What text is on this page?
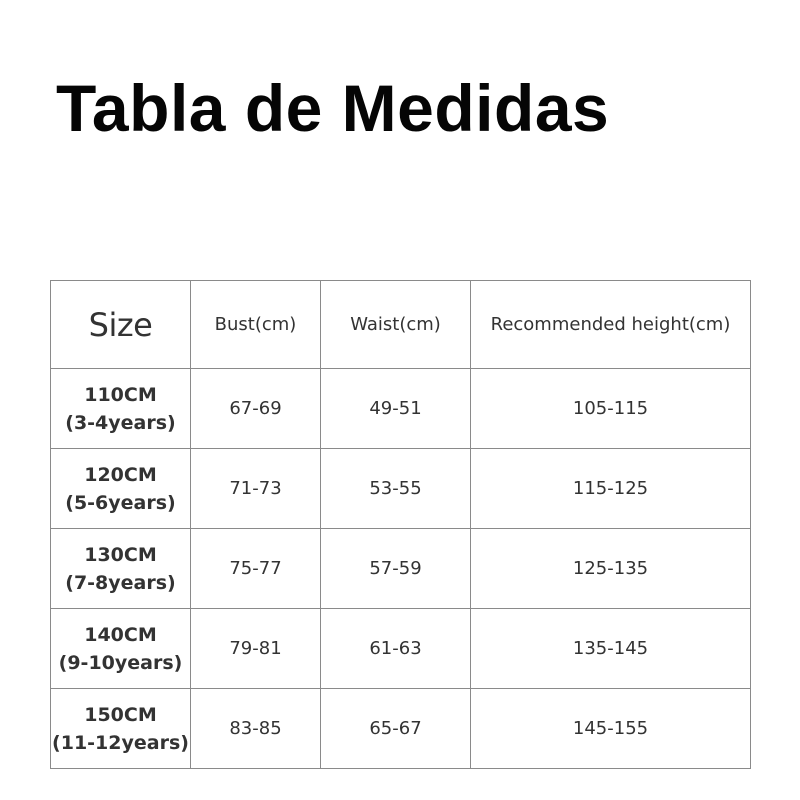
Tabla de Medidas
Size	Bust(cm)	Waist(cm)	Recommended height(cm)

110CM
(3-4years)	67-69	49-51	105-115

120CM
(5-6years)	71-73	53-55	115-125

130CM
(7-8years)	75-77	57-59	125-135

140CM
(9-10years)	79-81	61-63	135-145

150CM
(11-12years)	83-85	65-67	145-155
